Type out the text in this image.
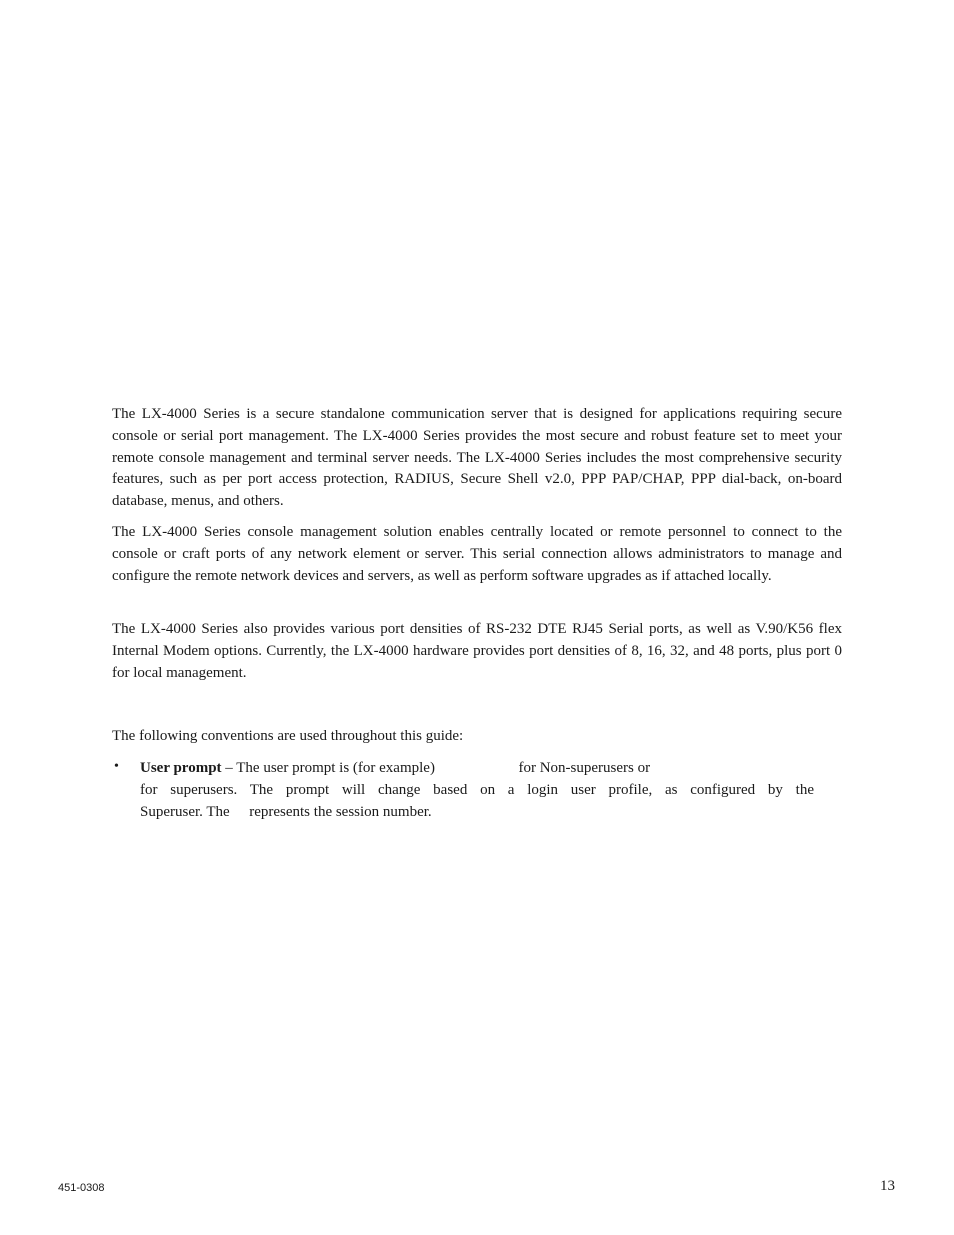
The LX-4000 Series is a secure standalone communication server that is designed for applications requiring secure console or serial port management. The LX-4000 Series provides the most secure and robust feature set to meet your remote console management and terminal server needs. The LX-4000 Series includes the most comprehensive security features, such as per port access protection, RADIUS, Secure Shell v2.0, PPP PAP/CHAP, PPP dial-back, on-board database, menus, and others.

The LX-4000 Series console management solution enables centrally located or remote personnel to connect to the console or craft ports of any network element or server. This serial connection allows administrators to manage and configure the remote network devices and servers, as well as perform software upgrades as if attached locally.

The LX-4000 Series also provides various port densities of RS-232 DTE RJ45 Serial ports, as well as V.90/K56 flex Internal Modem options. Currently, the LX-4000 hardware provides port densities of 8, 16, 32, and 48 ports, plus port 0 for local management.

The following conventions are used throughout this guide:

• User prompt – The user prompt is (for example)	for Non-superusers or
for superusers. The prompt will change based on a login user profile, as configured by the
Superuser. The  represents the session number.
451-0308	13
